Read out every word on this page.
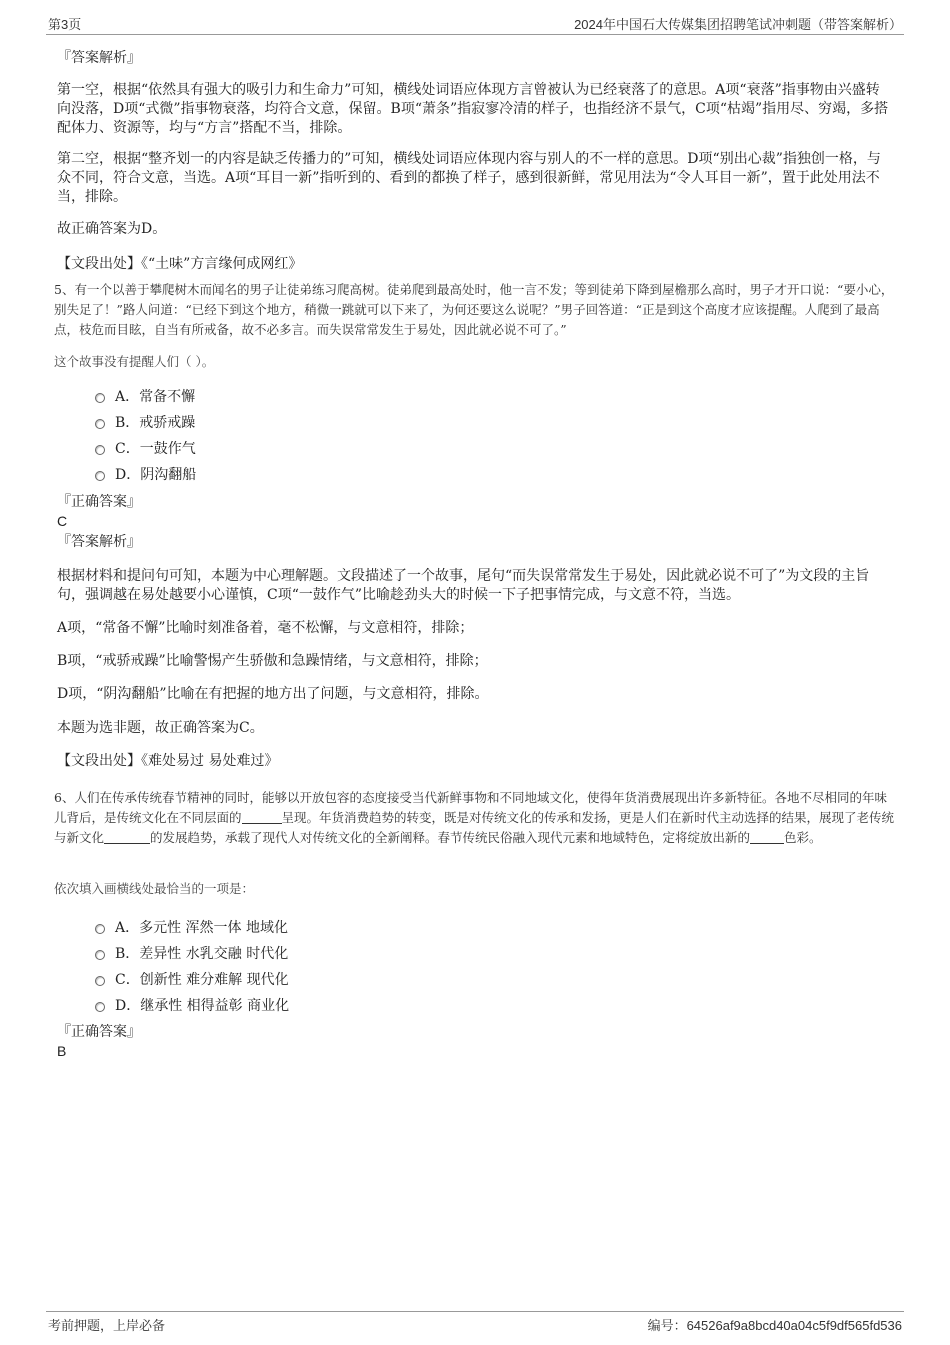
第3页	2024年中国石大传媒集团招聘笔试冲刺题（带答案解析）
『答案解析』
第一空，根据“依然具有强大的吸引力和生命力”可知，横线处词语应体现方言曾被认为已经衰落了的意思。A项“衰落”指事物由兴盛转向没落，D项“式微”指事物衰落，均符合文意，保留。B项“萧条”指寂寥冷清的样子，也指经济不景气，C项“枯竭”指用尽、穷竭，多搭配体力、资源等，均与“方言”搭配不当，排除。
第二空，根据“整齐划一的内容是缺乏传播力的”可知，横线处词语应体现内容与别人的不一样的意思。D项“别出心裁”指独创一格，与众不同，符合文意，当选。A项“耳目一新”指听到的、看到的都换了样子，感到很新鲜，常见用法为“令人耳目一新”，置于此处用法不当，排除。
故正确答案为D。
【文段出处】《“土味”方言缘何成网红》
5、有一个以善于攀爬树木而闻名的男子让徒弟练习爬高树。徒弟爬到最高处时，他一言不发；等到徒弟下降到屋檐那么高时，男子才开口说：“要小心，别失足了！”路人问道：“已经下到这个地方，稍微一跳就可以下来了，为何还要这么说呢？”男子回答道：“正是到这个高度才应该提醒。人爬到了最高点，枝危而目眩，自当有所戒备，故不必多言。而失误常常发生于易处，因此就必说不可了。”
这个故事没有提醒人们（ ）。
A．常备不懈
B．戒骄戒躁
C．一鼓作气
D．阴沟翻船
『正确答案』
C
『答案解析』
根据材料和提问句可知，本题为中心理解题。文段描述了一个故事，尾句“而失误常常发生于易处，因此就必说不可了”为文段的主旨句，强调越在易处越要小心谨慎，C项“一鼓作气”比喻趁劲头大的时候一下子把事情完成，与文意不符，当选。
A项，“常备不懈”比喻时刻准备着，毫不松懈，与文意相符，排除；
B项，“戒骄戒躁”比喻警惕产生骄傲和急躁情绪，与文意相符，排除；
D项，“阴沟翻船”比喻在有把握的地方出了问题，与文意相符，排除。
本题为选非题，故正确答案为C。
【文段出处】《难处易过 易处难过》
6、人们在传承传统春节精神的同时，能够以开放包容的态度接受当代新鲜事物和不同地域文化，使得年货消费展现出许多新特征。各地不尽相同的年味儿背后，是传统文化在不同层面的	呈现。年货消费趋势的转变，既是对传统文化的传承和发扬，更是人们在新时代主动选择的结果，展现了老传统与新文化	的发展趋势，承载了现代人对传统文化的全新阐释。春节传统民俗融入现代元素和地域特色，定将绽放出新的	色彩。
依次填入画横线处最恰当的一项是：
A．多元性 浑然一体 地域化
B．差异性 水乳交融 时代化
C．创新性 难分难解 现代化
D．继承性 相得益彰 商业化
『正确答案』
B
考前押题，上岸必备	编号：64526af9a8bcd40a04c5f9df565fd536
